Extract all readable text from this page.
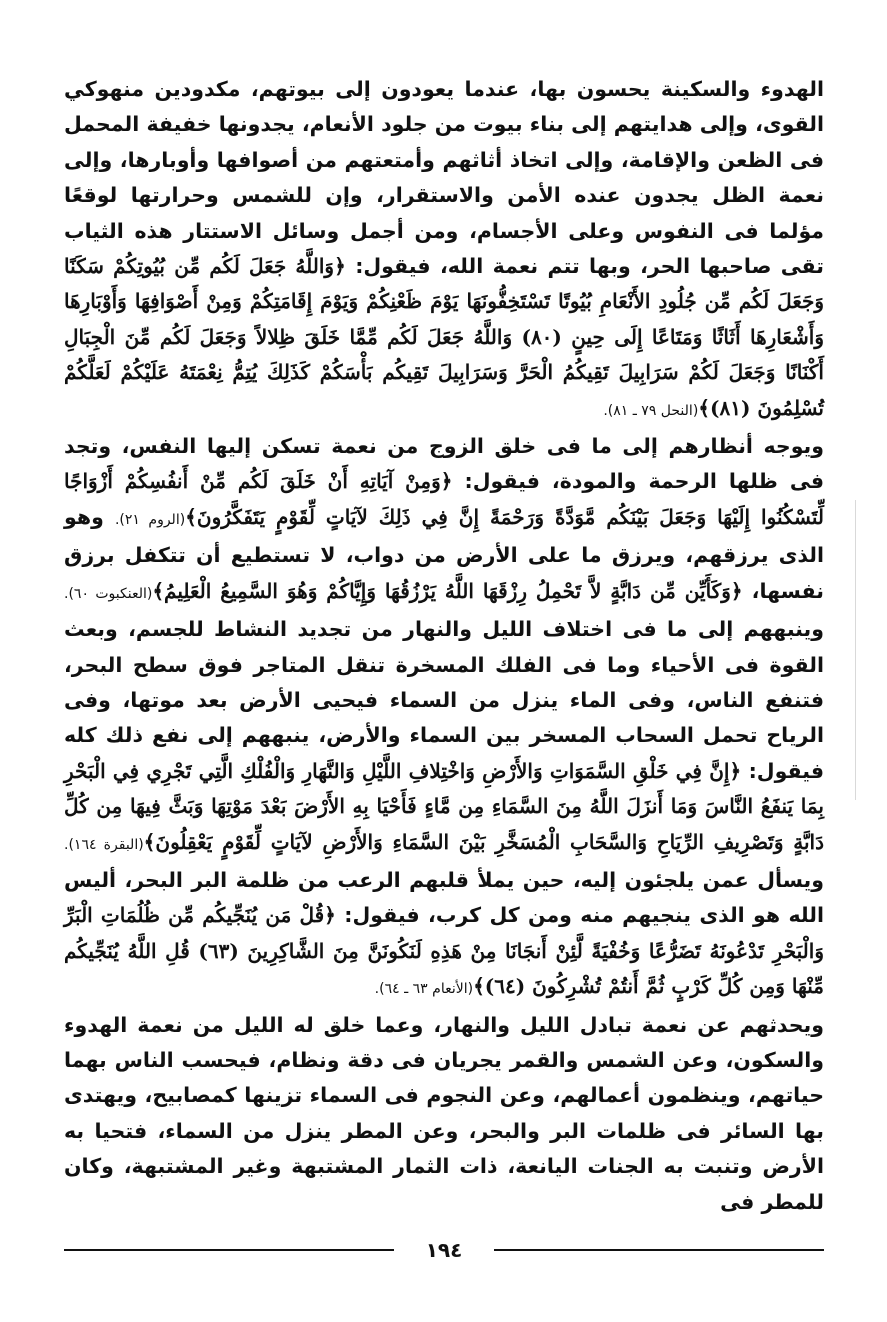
الهدوء والسكينة يحسون بها، عندما يعودون إلى بيوتهم، مكدودين منهوكي القوى، وإلى هدايتهم إلى بناء بيوت من جلود الأنعام، يجدونها خفيفة المحمل فى الظعن والإقامة، وإلى اتخاذ أثاثهم وأمتعتهم من أصوافها وأوبارها، وإلى نعمة الظل يجدون عنده الأمن والاستقرار، وإن للشمس وحرارتها لوقعًا مؤلما فى النفوس وعلى الأجسام، ومن أجمل وسائل الاستتار هذه الثياب تقى صاحبها الحر، وبها تتم نعمة الله، فيقول: ﴿وَاللَّهُ جَعَلَ لَكُم مِّن بُيُوتِكُمْ سَكَنًا وَجَعَلَ لَكُم مِّن جُلُودِ الأَنْعَامِ بُيُوتًا تَسْتَخِفُّونَهَا يَوْمَ ظَعْنِكُمْ وَيَوْمَ إِقَامَتِكُمْ وَمِنْ أَصْوَافِهَا وَأَوْبَارِهَا وَأَشْعَارِهَا أَثَاثًا وَمَتَاعًا إِلَى حِينٍ (٨٠) وَاللَّهُ جَعَلَ لَكُم مِّمَّا خَلَقَ ظِلالاً وَجَعَلَ لَكُم مِّنَ الْجِبَالِ أَكْنَانًا وَجَعَلَ لَكُمْ سَرَابِيلَ تَقِيكُمُ الْحَرَّ وَسَرَابِيلَ تَقِيكُم بَأْسَكُمْ كَذَلِكَ يُتِمُّ نِعْمَتَهُ عَلَيْكُمْ لَعَلَّكُمْ تُسْلِمُونَ (٨١)﴾(النحل ٧٩ ـ ٨١).

ويوجه أنظارهم إلى ما فى خلق الزوج من نعمة تسكن إليها النفس، وتجد فى ظلها الرحمة والمودة، فيقول: ﴿وَمِنْ آيَاتِهِ أَنْ خَلَقَ لَكُم مِّنْ أَنفُسِكُمْ أَزْوَاجًا لِّتَسْكُنُوا إِلَيْهَا وَجَعَلَ بَيْنَكُم مَّوَدَّةً وَرَحْمَةً إِنَّ فِي ذَلِكَ لآيَاتٍ لِّقَوْمٍ يَتَفَكَّرُونَ﴾(الروم ٢١). وهو الذى يرزقهم، ويرزق ما على الأرض من دواب، لا تستطيع أن تتكفل برزق نفسها، ﴿وَكَأَيِّن مِّن دَابَّةٍ لاَّ تَحْمِلُ رِزْقَهَا اللَّهُ يَرْزُقُهَا وَإِيَّاكُمْ وَهُوَ السَّمِيعُ الْعَلِيمُ﴾(العنكبوت ٦٠). وينبههم إلى ما فى اختلاف الليل والنهار من تجديد النشاط للجسم، وبعث القوة فى الأحياء وما فى الفلك المسخرة تنقل المتاجر فوق سطح البحر، فتنفع الناس، وفى الماء ينزل من السماء فيحيى الأرض بعد موتها، وفى الرياح تحمل السحاب المسخر بين السماء والأرض، ينبههم إلى نفع ذلك كله فيقول: ﴿إِنَّ فِي خَلْقِ السَّمَوَاتِ وَالأَرْضِ وَاخْتِلافِ اللَّيْلِ وَالنَّهَارِ وَالْفُلْكِ الَّتِي تَجْرِي فِي الْبَحْرِ بِمَا يَنفَعُ النَّاسَ وَمَا أَنزَلَ اللَّهُ مِنَ السَّمَاءِ مِن مَّاءٍ فَأَحْيَا بِهِ الأَرْضَ بَعْدَ مَوْتِهَا وَبَثَّ فِيهَا مِن كُلِّ دَابَّةٍ وَتَصْرِيفِ الرِّيَاحِ وَالسَّحَابِ الْمُسَخَّرِ بَيْنَ السَّمَاءِ وَالأَرْضِ لآيَاتٍ لِّقَوْمٍ يَعْقِلُونَ﴾(البقرة ١٦٤). ويسأل عمن يلجئون إليه، حين يملأ قلبهم الرعب من ظلمة البر البحر، أليس الله هو الذى ينجيهم منه ومن كل كرب، فيقول: ﴿قُلْ مَن يُنَجِّيكُم مِّن ظُلُمَاتِ الْبَرِّ وَالْبَحْرِ تَدْعُونَهُ تَضَرُّعًا وَخُفْيَةً لَّئِنْ أَنجَانَا مِنْ هَذِهِ لَنَكُونَنَّ مِنَ الشَّاكِرِينَ (٦٣) قُلِ اللَّهُ يُنَجِّيكُم مِّنْهَا وَمِن كُلِّ كَرْبٍ ثُمَّ أَنتُمْ تُشْرِكُونَ (٦٤)﴾(الأنعام ٦٣ ـ ٦٤).

ويحدثهم عن نعمة تبادل الليل والنهار، وعما خلق له الليل من نعمة الهدوء والسكون، وعن الشمس والقمر يجريان فى دقة ونظام، فيحسب الناس بهما حياتهم، وينظمون أعمالهم، وعن النجوم فى السماء تزينها كمصابيح، ويهتدى بها السائر فى ظلمات البر والبحر، وعن المطر ينزل من السماء، فتحيا به الأرض وتنبت به الجنات اليانعة، ذات الثمار المشتبهة وغير المشتبهة، وكان للمطر فى

١٩٤
